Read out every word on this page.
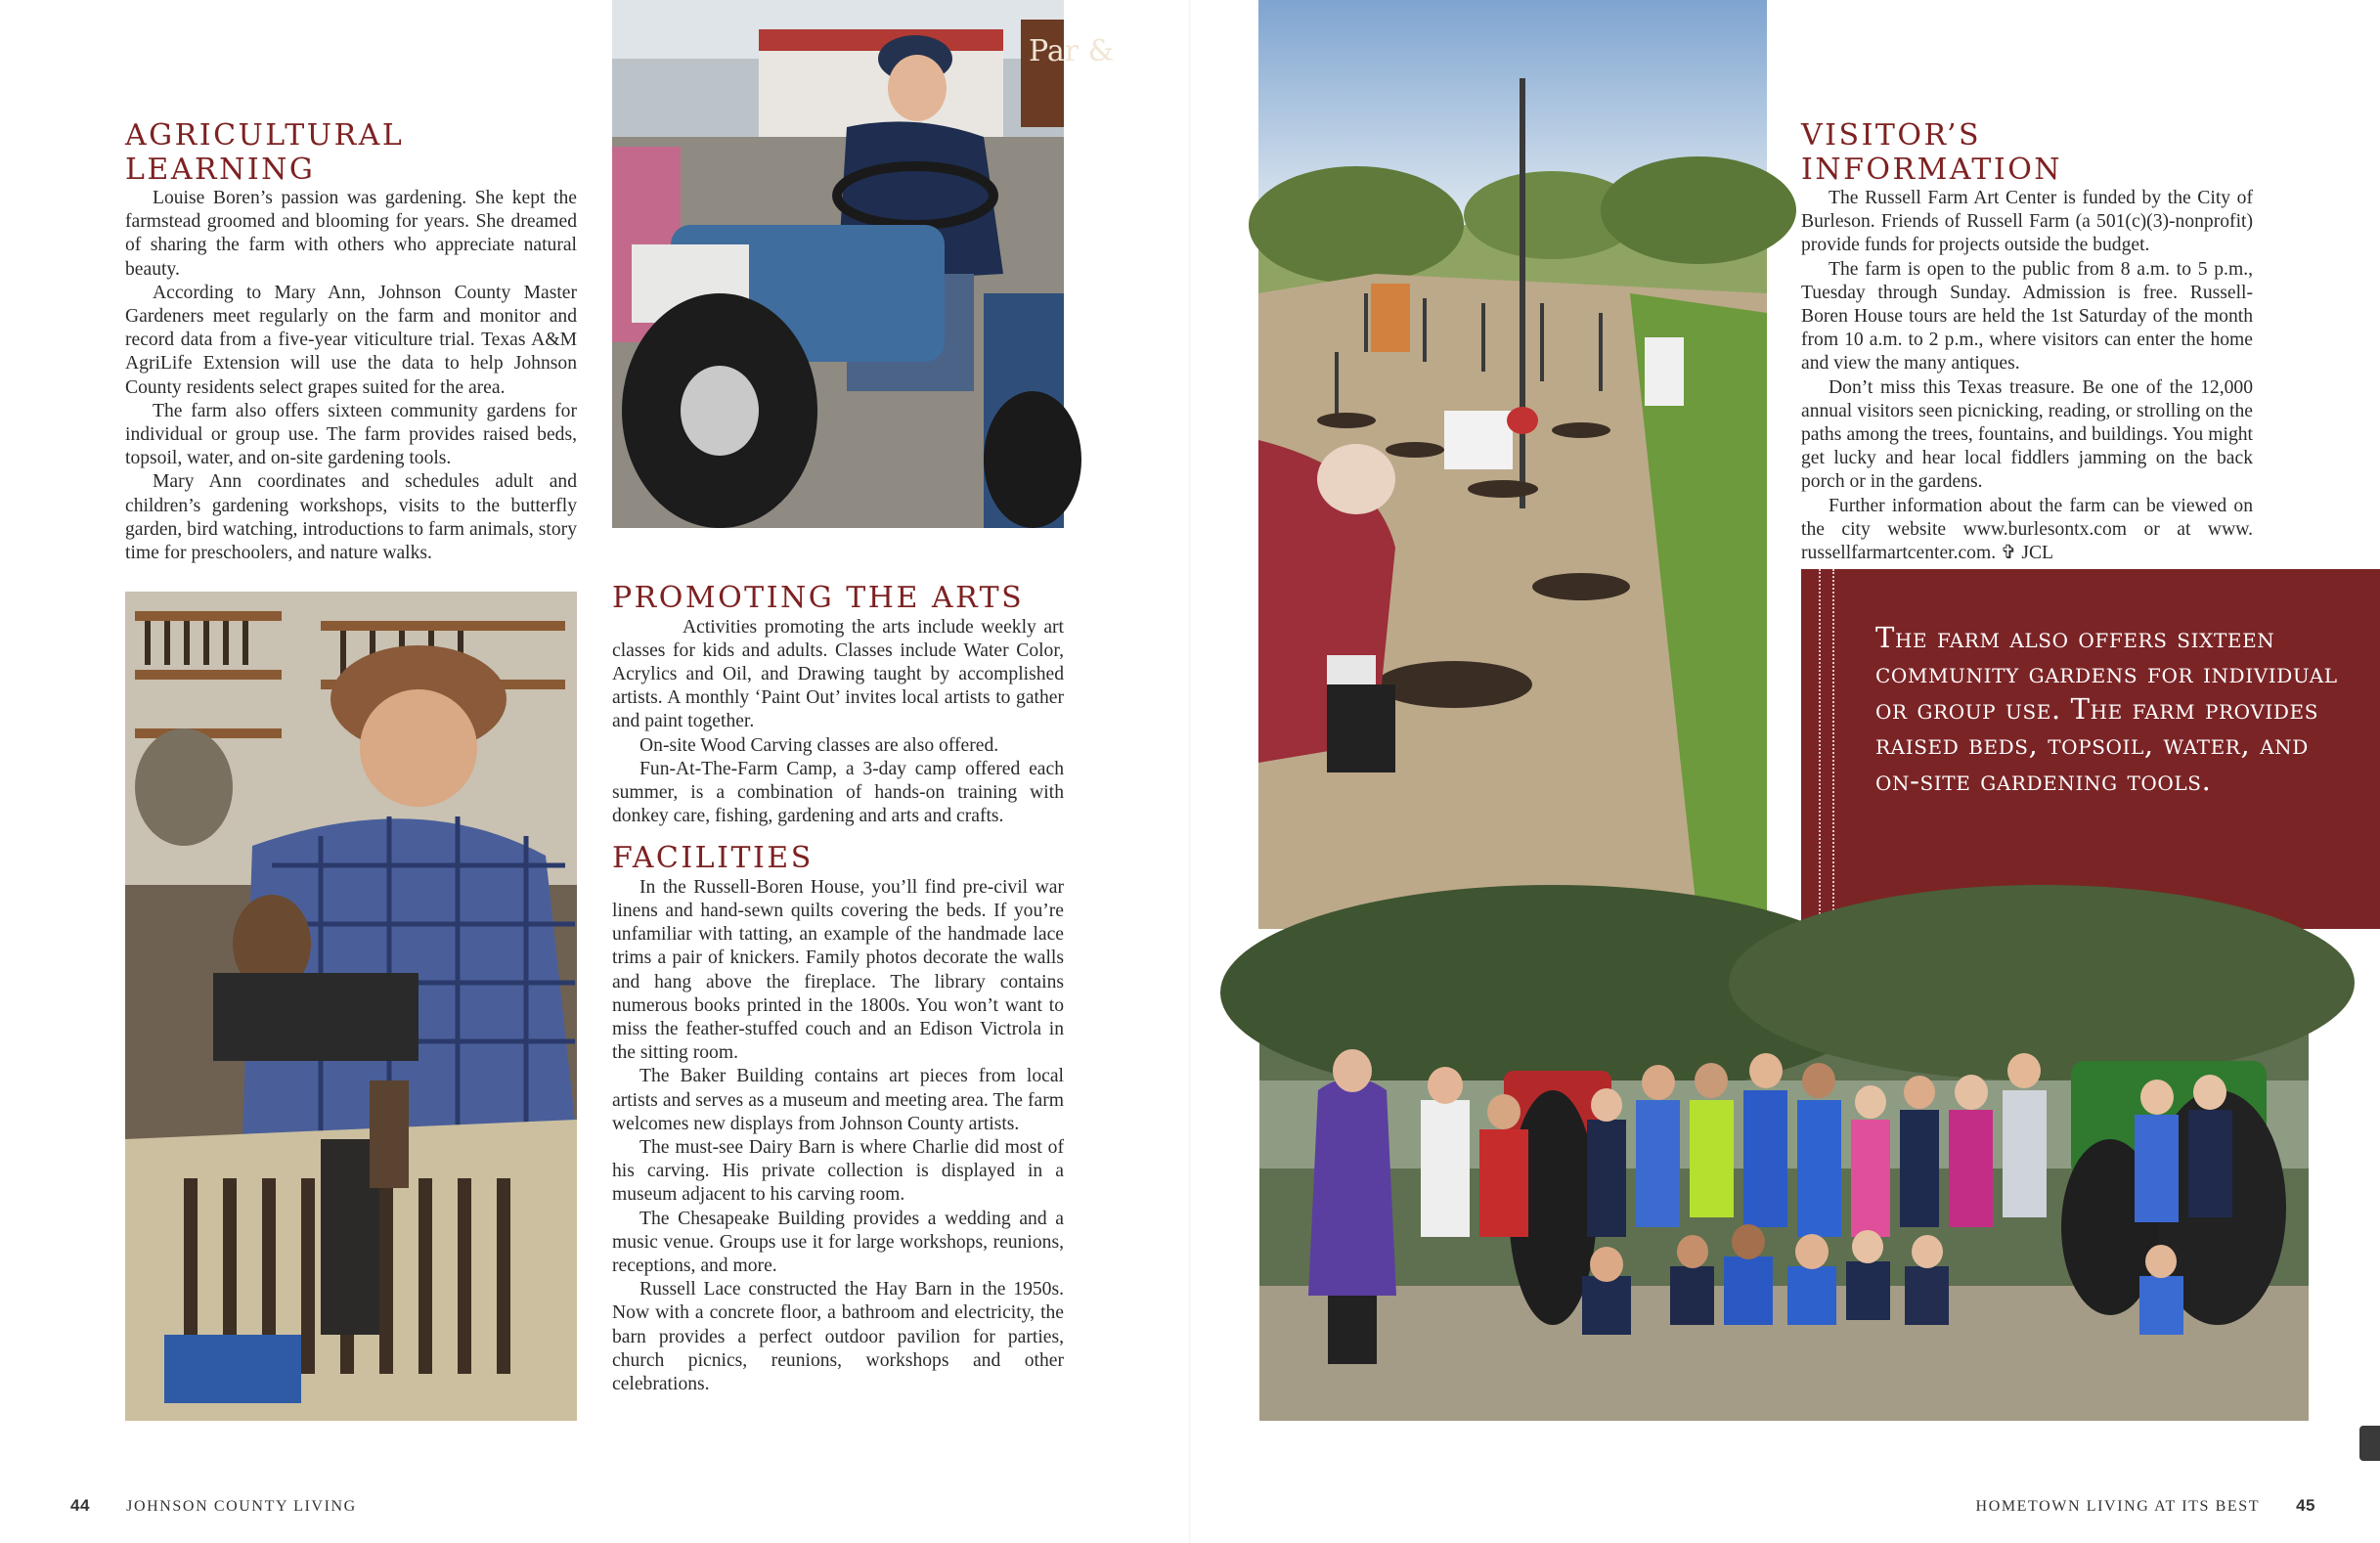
AGRICULTURAL LEARNING

Louise Boren’s passion was gardening. She kept the farmstead groomed and blooming for years. She dreamed of sharing the farm with others who appreciate natural beauty.

According to Mary Ann, Johnson County Master Gardeners meet regularly on the farm and monitor and record data from a five-year viticulture trial. Texas A&M AgriLife Extension will use the data to help Johnson County residents select grapes suited for the area.

The farm also offers sixteen community gardens for individual or group use. The farm provides raised beds, topsoil, water, and on-site gardening tools.

Mary Ann coordinates and schedules adult and children’s gardening workshops, visits to the butterfly garden, bird watching, introductions to farm animals, story time for preschoolers, and nature walks.

Par &
PROMOTING THE ARTS

Activities promoting the arts include weekly art classes for kids and adults. Classes include Water Color, Acrylics and Oil, and Drawing taught by accomplished artists. A monthly ‘Paint Out’ invites local artists to gather and paint together.

On-site Wood Carving classes are also offered.

Fun-At-The-Farm Camp, a 3-day camp offered each summer, is a combination of hands-on training with donkey care, fishing, gardening and arts and crafts.

FACILITIES

In the Russell-Boren House, you’ll find pre-civil war linens and hand-sewn quilts covering the beds. If you’re unfamiliar with tatting, an example of the handmade lace trims a pair of knickers. Family photos decorate the walls and hang above the fireplace. The library contains numerous books printed in the 1800s. You won’t want to miss the feather-stuffed couch and an Edison Victrola in the sitting room.

The Baker Building contains art pieces from local artists and serves as a museum and meeting area. The farm welcomes new displays from Johnson County artists.

The must-see Dairy Barn is where Charlie did most of his carving. His private collection is displayed in a museum adjacent to his carving room.

The Chesapeake Building provides a wedding and a music venue. Groups use it for large workshops, reunions, receptions, and more.

Russell Lace constructed the Hay Barn in the 1950s. Now with a concrete floor, a bathroom and electricity, the barn provides a perfect outdoor pavilion for parties, church picnics, reunions, workshops and other celebrations.

VISITOR’S INFORMATION

The Russell Farm Art Center is funded by the City of Burleson. Friends of Russell Farm (a 501(c)(3)-nonprofit) provide funds for projects outside the budget.

The farm is open to the public from 8 a.m. to 5 p.m., Tuesday through Sunday. Admission is free. Russell-Boren House tours are held the 1st Saturday of the month from 10 a.m. to 2 p.m., where visitors can enter the home and view the many antiques.

Don’t miss this Texas treasure. Be one of the 12,000 annual visitors seen picnicking, reading, or strolling on the paths among the trees, fountains, and buildings. You might get lucky and hear local fiddlers jamming on the back porch or in the gardens.

Further information about the farm can be viewed on the city website www.burlesontx.com or at www. russellfarmartcenter.com. ✞ JCL

The farm also offers sixteen community gardens for individual or group use. The farm provides raised beds, topsoil, water, and on-site gardening tools.

44 JOHNSON COUNTY LIVING	HOMETOWN LIVING AT ITS BEST 45
